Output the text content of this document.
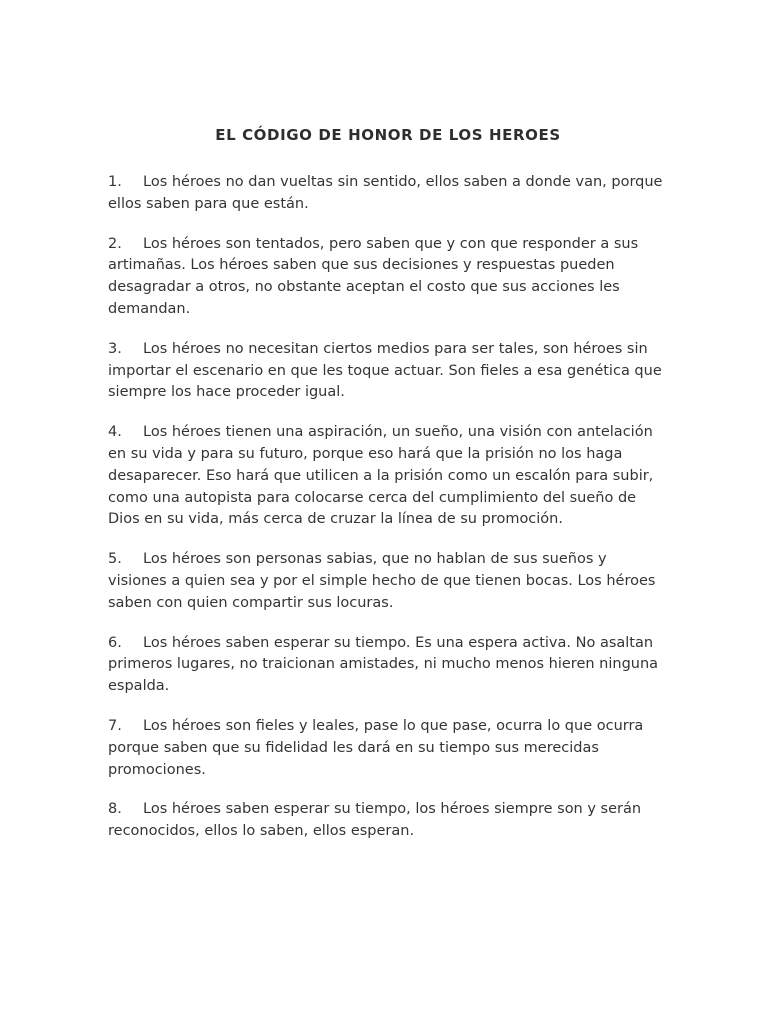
EL CÓDIGO DE HONOR DE LOS HEROES

1. Los héroes no dan vueltas sin sentido, ellos saben a donde van, porque ellos saben para que están.

2. Los héroes son tentados, pero saben que y con que responder a sus artimañas. Los héroes saben que sus decisiones y respuestas pueden desagradar a otros, no obstante aceptan el costo que sus acciones les demandan.

3. Los héroes no necesitan ciertos medios para ser tales, son héroes sin importar el escenario en que les toque actuar. Son fieles a esa genética que siempre los hace proceder igual.

4. Los héroes tienen una aspiración, un sueño, una visión con antelación en su vida y para su futuro, porque eso hará que la prisión no los haga desaparecer. Eso hará que utilicen a la prisión como un escalón para subir, como una autopista para colocarse cerca del cumplimiento del sueño de Dios en su vida, más cerca de cruzar la línea de su promoción.

5. Los héroes son personas sabias, que no hablan de sus sueños y visiones a quien sea y por el simple hecho de que tienen bocas. Los héroes saben con quien compartir sus locuras.

6. Los héroes saben esperar su tiempo. Es una espera activa. No asaltan primeros lugares, no traicionan amistades, ni mucho menos hieren ninguna espalda.

7. Los héroes son fieles y leales, pase lo que pase, ocurra lo que ocurra porque saben que su fidelidad les dará en su tiempo sus merecidas promociones.

8. Los héroes saben esperar su tiempo, los héroes siempre son y serán reconocidos, ellos lo saben, ellos esperan.
